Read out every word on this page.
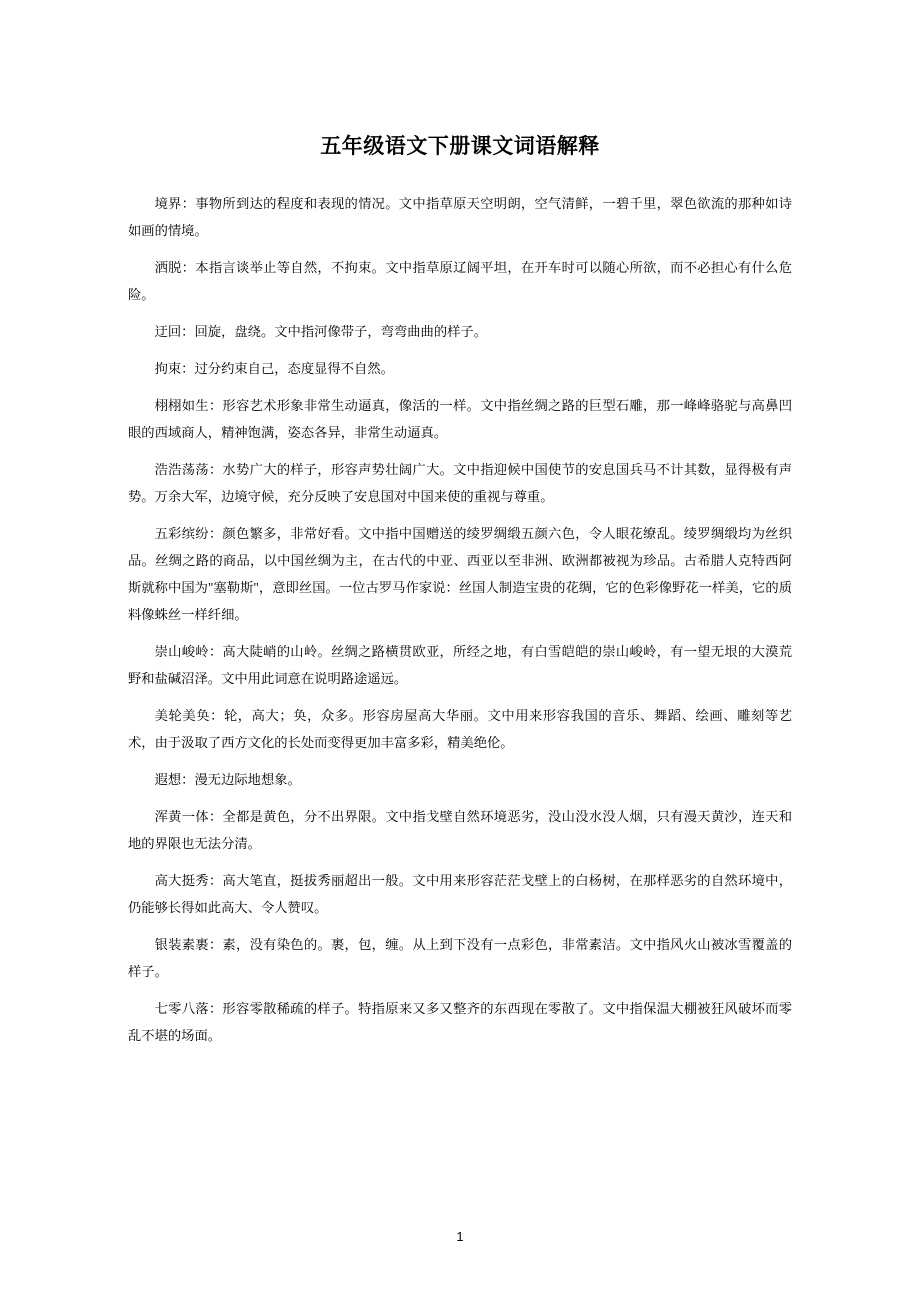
五年级语文下册课文词语解释

境界：事物所到达的程度和表现的情况。文中指草原天空明朗，空气清鲜，一碧千里，翠色欲流的那种如诗如画的情境。

洒脱：本指言谈举止等自然，不拘束。文中指草原辽阔平坦，在开车时可以随心所欲，而不必担心有什么危险。

迂回：回旋，盘绕。文中指河像带子，弯弯曲曲的样子。

拘束：过分约束自己，态度显得不自然。

栩栩如生：形容艺术形象非常生动逼真，像活的一样。文中指丝绸之路的巨型石雕，那一峰峰骆驼与高鼻凹眼的西域商人，精神饱满，姿态各异，非常生动逼真。

浩浩荡荡：水势广大的样子，形容声势壮阔广大。文中指迎候中国使节的安息国兵马不计其数，显得极有声势。万余大军，边境守候，充分反映了安息国对中国来使的重视与尊重。

五彩缤纷：颜色繁多，非常好看。文中指中国赠送的绫罗绸缎五颜六色，令人眼花缭乱。绫罗绸缎均为丝织品。丝绸之路的商品，以中国丝绸为主，在古代的中亚、西亚以至非洲、欧洲都被视为珍品。古希腊人克特西阿斯就称中国为"塞勒斯"，意即丝国。一位古罗马作家说：丝国人制造宝贵的花绸，它的色彩像野花一样美，它的质料像蛛丝一样纤细。

崇山峻岭：高大陡峭的山岭。丝绸之路横贯欧亚，所经之地，有白雪皑皑的崇山峻岭，有一望无垠的大漠荒野和盐碱沼泽。文中用此词意在说明路途遥远。

美轮美奂：轮，高大；奂，众多。形容房屋高大华丽。文中用来形容我国的音乐、舞蹈、绘画、雕刻等艺术，由于汲取了西方文化的长处而变得更加丰富多彩，精美绝伦。

遐想：漫无边际地想象。

浑黄一体：全都是黄色，分不出界限。文中指戈壁自然环境恶劣，没山没水没人烟，只有漫天黄沙，连天和地的界限也无法分清。

高大挺秀：高大笔直，挺拔秀丽超出一般。文中用来形容茫茫戈壁上的白杨树，在那样恶劣的自然环境中，仍能够长得如此高大、令人赞叹。

银装素裹：素，没有染色的。裹，包，缠。从上到下没有一点彩色，非常素洁。文中指风火山被冰雪覆盖的样子。

七零八落：形容零散稀疏的样子。特指原来又多又整齐的东西现在零散了。文中指保温大棚被狂风破坏而零乱不堪的场面。

1
